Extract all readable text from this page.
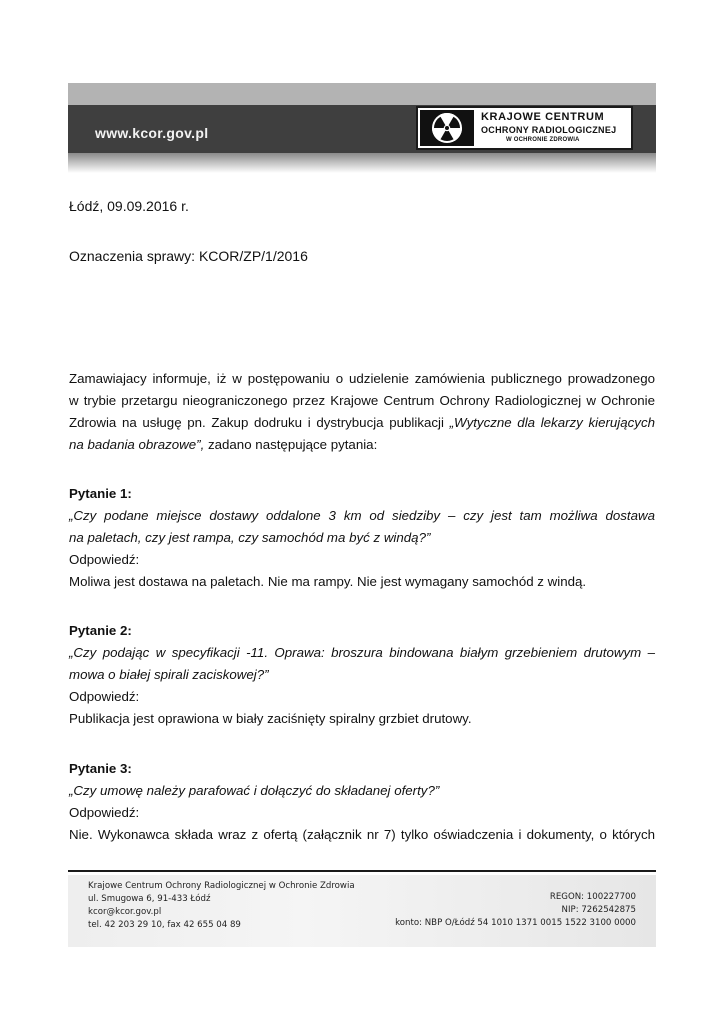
www.kcor.gov.pl
KRAJOWE CENTRUM
OCHRONY RADIOLOGICZNEJ
W OCHRONIE ZDROWIA
Łódź, 09.09.2016 r.
Oznaczenia sprawy: KCOR/ZP/1/2016
Zamawiajacy informuje, iż w postępowaniu o udzielenie zamówienia publicznego prowadzonego
w trybie przetargu nieograniczonego przez Krajowe Centrum Ochrony Radiologicznej w Ochronie
Zdrowia na usługę pn. Zakup dodruku i dystrybucja publikacji „Wytyczne dla lekarzy kierujących
na badania obrazowe”, zadano następujące pytania:
Pytanie 1:
„Czy podane miejsce dostawy oddalone 3 km od siedziby – czy jest tam możliwa dostawa
na paletach, czy jest rampa, czy samochód ma być z windą?”
Odpowiedź:
Moliwa jest dostawa na paletach. Nie ma rampy. Nie jest wymagany samochód z windą.
Pytanie 2:
„Czy podając w specyfikacji -11. Oprawa: broszura bindowana białym grzebieniem drutowym –
mowa o białej spirali zaciskowej?”
Odpowiedź:
Publikacja jest oprawiona w biały zaciśnięty spiralny grzbiet drutowy.
Pytanie 3:
„Czy umowę należy parafować i dołączyć do składanej oferty?”
Odpowiedź:
Nie. Wykonawca składa wraz z ofertą (załącznik nr 7) tylko oświadczenia i dokumenty, o których
Krajowe Centrum Ochrony Radiologicznej w Ochronie Zdrowia
ul. Smugowa 6, 91-433 Łódź
kcor@kcor.gov.pl
tel. 42 203 29 10, fax 42 655 04 89
REGON: 100227700
NIP: 7262542875
konto: NBP O/Łódź 54 1010 1371 0015 1522 3100 0000
